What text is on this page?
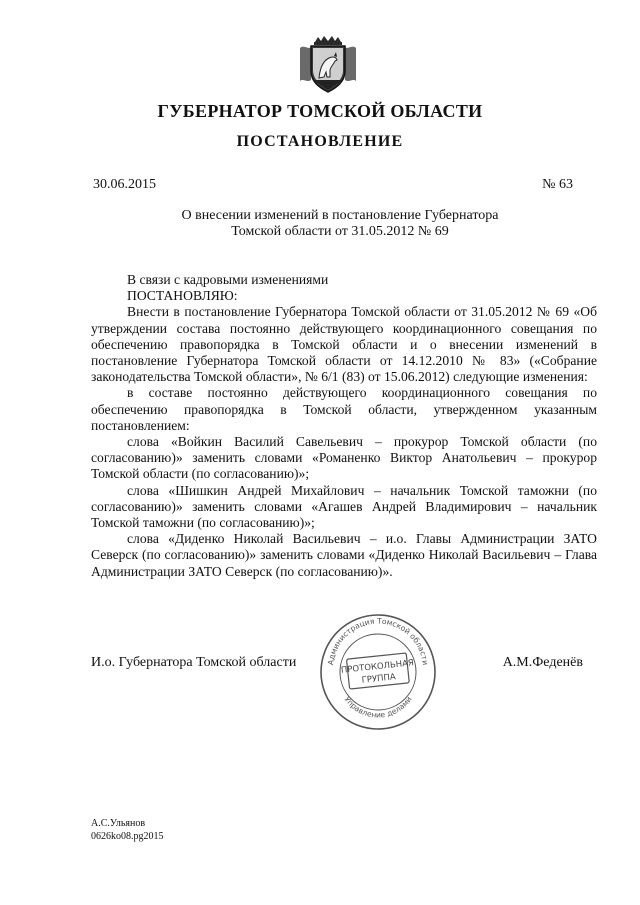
ГУБЕРНАТОР ТОМСКОЙ ОБЛАСТИ
ПОСТАНОВЛЕНИЕ
30.06.2015	№ 63
О внесении изменений в постановление Губернатора
Томской области от 31.05.2012 № 69

В связи с кадровыми изменениями

ПОСТАНОВЛЯЮ:

Внести в постановление Губернатора Томской области от 31.05.2012 № 69 «Об утверждении состава постоянно действующего координационного совещания по обеспечению правопорядка в Томской области и о внесении изменений в постановление Губернатора Томской области от 14.12.2010 № 83» («Собрание законодательства Томской области», № 6/1 (83) от 15.06.2012) следующие изменения:

в составе постоянно действующего координационного совещания по обеспечению правопорядка в Томской области, утвержденном указанным постановлением:

слова «Войкин Василий Савельевич – прокурор Томской области (по согласованию)» заменить словами «Романенко Виктор Анатольевич – прокурор Томской области (по согласованию)»;

слова «Шишкин Андрей Михайлович – начальник Томской таможни (по согласованию)» заменить словами «Агашев Андрей Владимирович – начальник Томской таможни (по согласованию)»;

слова «Диденко Николай Васильевич – и.о. Главы Администрации ЗАТО Северск (по согласованию)» заменить словами «Диденко Николай Васильевич – Глава Администрации ЗАТО Северск (по согласованию)».

И.о. Губернатора Томской области	А.М.Феденёв
ПРОТОКОЛЬНАЯ
ГРУППА
Администрация Томской области
Управление делами
А.С.Ульянов
0626ko08.pg2015
